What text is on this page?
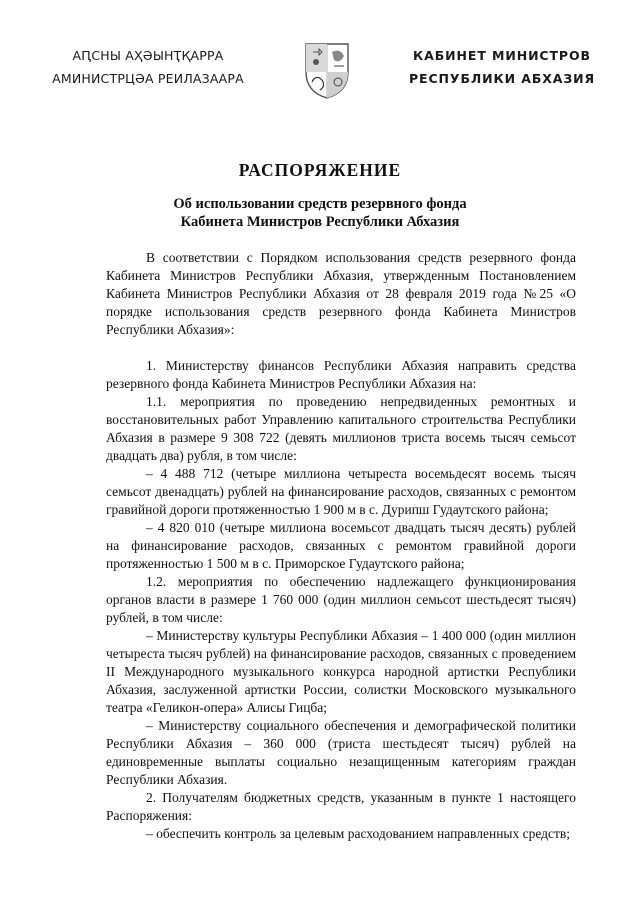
АԤСНЫ АҲӘЫНҬҚАРРА
АМИНИСТРЦӘА РЕИЛАЗААРА
КАБИНЕТ МИНИСТРОВ
РЕСПУБЛИКИ АБХАЗИЯ
РАСПОРЯЖЕНИЕ
Об использовании средств резервного фонда
Кабинета Министров Республики Абхазия

В соответствии с Порядком использования средств резервного фонда Кабинета Министров Республики Абхазия, утвержденным Постановлением Кабинета Министров Республики Абхазия от 28 февраля 2019 года №25 «О порядке использования средств резервного фонда Кабинета Министров Республики Абхазия»:

1. Министерству финансов Республики Абхазия направить средства резервного фонда Кабинета Министров Республики Абхазия на:

1.1. мероприятия по проведению непредвиденных ремонтных и восстановительных работ Управлению капитального строительства Республики Абхазия в размере 9 308 722 (девять миллионов триста восемь тысяч семьсот двадцать два) рубля, в том числе:

– 4 488 712 (четыре миллиона четыреста восемьдесят восемь тысяч семьсот двенадцать) рублей на финансирование расходов, связанных с ремонтом гравийной дороги протяженностью 1 900 м в с. Дурипш Гудаутского района;

– 4 820 010 (четыре миллиона восемьсот двадцать тысяч десять) рублей на финансирование расходов, связанных с ремонтом гравийной дороги протяженностью 1 500 м в с. Приморское Гудаутского района;

1.2. мероприятия по обеспечению надлежащего функционирования органов власти в размере 1 760 000 (один миллион семьсот шестьдесят тысяч) рублей, в том числе:

– Министерству культуры Республики Абхазия – 1 400 000 (один миллион четыреста тысяч рублей) на финансирование расходов, связанных с проведением II Международного музыкального конкурса народной артистки Республики Абхазия, заслуженной артистки России, солистки Московского музыкального театра «Геликон-опера» Алисы Гицба;

– Министерству социального обеспечения и демографической политики Республики Абхазия – 360 000 (триста шестьдесят тысяч) рублей на единовременные выплаты социально незащищенным категориям граждан Республики Абхазия.

2. Получателям бюджетных средств, указанным в пункте 1 настоящего Распоряжения:

– обеспечить контроль за целевым расходованием направленных средств;
